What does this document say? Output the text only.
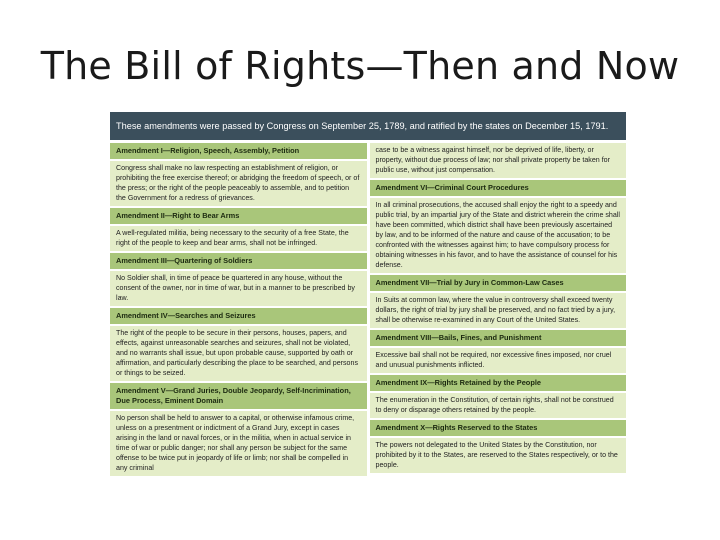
The Bill of Rights—Then and Now
These amendments were passed by Congress on September 25, 1789, and ratified by the states on December 15, 1791.
Amendment I—Religion, Speech, Assembly, Petition
Congress shall make no law respecting an establishment of religion, or prohibiting the free exercise thereof; or abridging the freedom of speech, or of the press; or the right of the people peaceably to assemble, and to petition the Government for a redress of grievances.
Amendment II—Right to Bear Arms
A well-regulated militia, being necessary to the security of a free State, the right of the people to keep and bear arms, shall not be infringed.
Amendment III—Quartering of Soldiers
No Soldier shall, in time of peace be quartered in any house, without the consent of the owner, nor in time of war, but in a manner to be prescribed by law.
Amendment IV—Searches and Seizures
The right of the people to be secure in their persons, houses, papers, and effects, against unreasonable searches and seizures, shall not be violated, and no warrants shall issue, but upon probable cause, supported by oath or affirmation, and particularly describing the place to be searched, and persons or things to be seized.
Amendment V—Grand Juries, Double Jeopardy, Self-Incrimination, Due Process, Eminent Domain
No person shall be held to answer to a capital, or otherwise infamous crime, unless on a presentment or indictment of a Grand Jury, except in cases arising in the land or naval forces, or in the militia, when in actual service in time of war or public danger; nor shall any person be subject for the same offense to be twice put in jeopardy of life or limb; nor shall be compelled in any criminal
case to be a witness against himself, nor be deprived of life, liberty, or property, without due process of law; nor shall private property be taken for public use, without just compensation.
Amendment VI—Criminal Court Procedures
In all criminal prosecutions, the accused shall enjoy the right to a speedy and public trial, by an impartial jury of the State and district wherein the crime shall have been committed, which district shall have been previously ascertained by law, and to be informed of the nature and cause of the accusation; to be confronted with the witnesses against him; to have compulsory process for obtaining witnesses in his favor, and to have the assistance of counsel for his defense.
Amendment VII—Trial by Jury in Common-Law Cases
In Suits at common law, where the value in controversy shall exceed twenty dollars, the right of trial by jury shall be preserved, and no fact tried by a jury, shall be otherwise re-examined in any Court of the United States.
Amendment VIII—Bails, Fines, and Punishment
Excessive bail shall not be required, nor excessive fines imposed, nor cruel and unusual punishments inflicted.
Amendment IX—Rights Retained by the People
The enumeration in the Constitution, of certain rights, shall not be construed to deny or disparage others retained by the people.
Amendment X—Rights Reserved to the States
The powers not delegated to the United States by the Constitution, nor prohibited by it to the States, are reserved to the States respectively, or to the people.
